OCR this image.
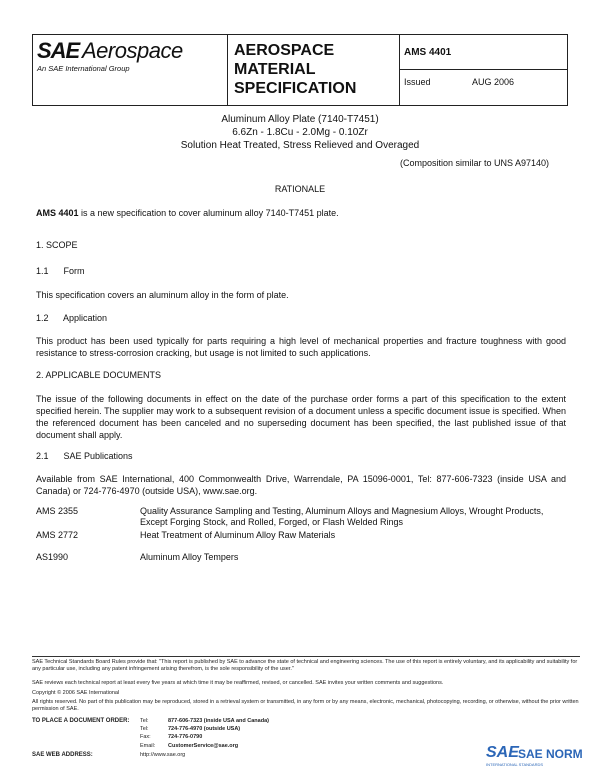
SAE Aerospace
An SAE International Group
AEROSPACE
MATERIAL
SPECIFICATION
AMS 4401
Issued	AUG 2006
Aluminum Alloy Plate (7140-T7451)
6.6Zn - 1.8Cu - 2.0Mg - 0.10Zr
Solution Heat Treated, Stress Relieved and Overaged
(Composition similar to UNS A97140)
RATIONALE
AMS 4401 is a new specification to cover aluminum alloy 7140-T7451 plate.
1. SCOPE
1.1      Form
This specification covers an aluminum alloy in the form of plate.
1.2      Application
This product has been used typically for parts requiring a high level of mechanical properties and fracture toughness with good resistance to stress-corrosion cracking, but usage is not limited to such applications.
2. APPLICABLE DOCUMENTS
The issue of the following documents in effect on the date of the purchase order forms a part of this specification to the extent specified herein. The supplier may work to a subsequent revision of a document unless a specific document issue is specified. When the referenced document has been canceled and no superseding document has been specified, the last published issue of that document shall apply.
2.1      SAE Publications
Available from SAE International, 400 Commonwealth Drive, Warrendale, PA 15096-0001, Tel: 877-606-7323 (inside USA and Canada) or 724-776-4970 (outside USA), www.sae.org.
AMS 2355	Quality Assurance Sampling and Testing, Aluminum Alloys and Magnesium Alloys, Wrought Products, Except Forging Stock, and Rolled, Forged, or Flash Welded Rings
AMS 2772	Heat Treatment of Aluminum Alloy Raw Materials
AS1990	Aluminum Alloy Tempers
SAE Technical Standards Board Rules provide that: "This report is published by SAE to advance the state of technical and engineering sciences. The use of this report is entirely voluntary, and its applicability and suitability for any particular use, including any patent infringement arising therefrom, is the sole responsibility of the user."
SAE reviews each technical report at least every five years at which time it may be reaffirmed, revised, or cancelled. SAE invites your written comments and suggestions.
Copyright © 2006 SAE International
All rights reserved. No part of this publication may be reproduced, stored in a retrieval system or transmitted, in any form or by any means, electronic, mechanical, photocopying, recording, or otherwise, without the prior written permission of SAE.
TO PLACE A DOCUMENT ORDER:
SAE WEB ADDRESS:
Tel:	877-606-7323 (inside USA and Canada)
Tel:	724-776-4970 (outside USA)
Fax:	724-776-0790
Email: CustomerService@sae.org
http://www.sae.org	SAE SAE NORM
INTERNATIONAL STANDARDS
